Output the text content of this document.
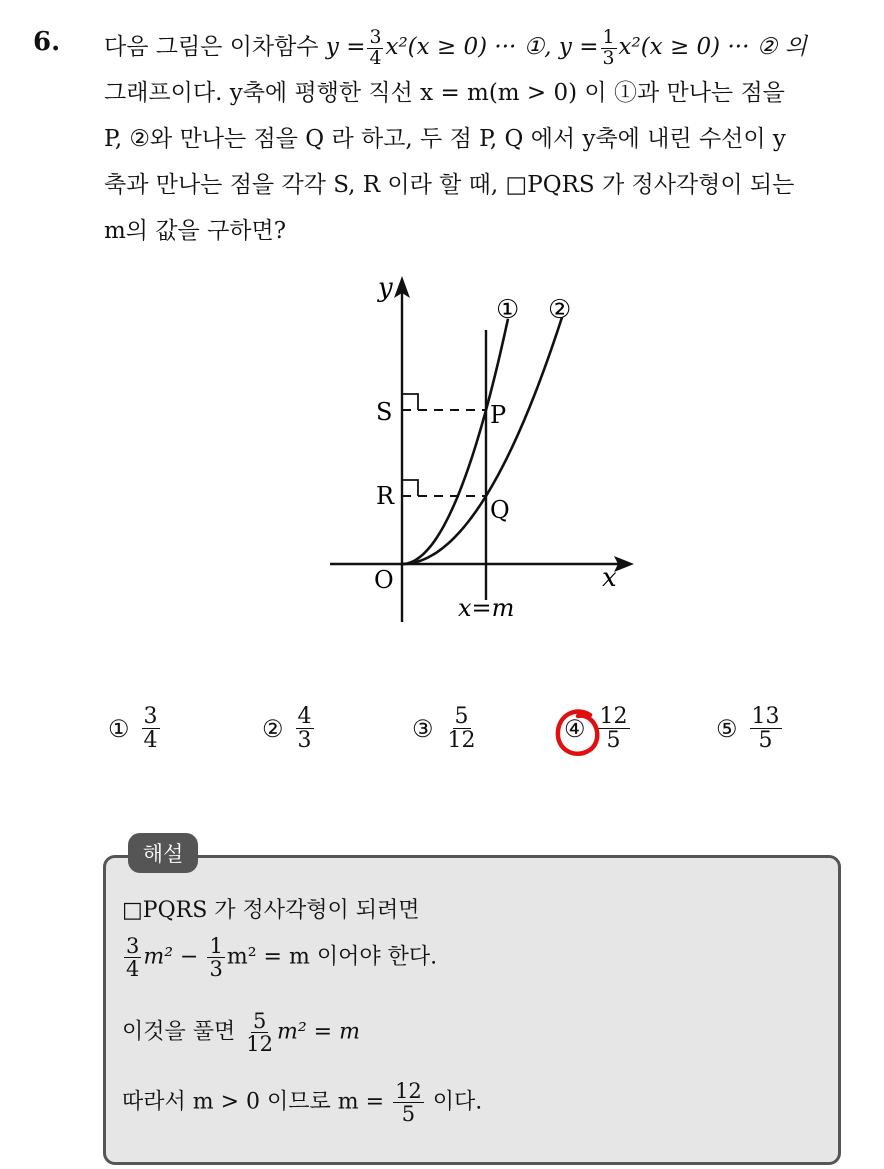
6. 다음 그림은 이차함수 $y = \frac{3}{4} x^2(x \ge 0)$ ··· ①, $y = \frac{1}{3} x^2(x \ge 0)$ ··· ② 의
그래프이다. y축에 평행한 직선 x = m(m > 0) 이 ①과 만나는 점을
P, ②와 만나는 점을 Q 라 하고, 두 점 P, Q 에서 y축에 내린 수선이 y
축과 만나는 점을 각각 S, R 이라 할 때, □PQRS 가 정사각형이 되는
m의 값을 구하면?
y
x
O
① ②
S	P
R	Q
x=m
① $\frac{3}{4}$	② $\frac{4}{3}$	③ $\frac{5}{12}$	④ $\frac{12}{5}$	⑤ $\frac{13}{5}$
해설
□PQRS 가 정사각형이 되려면
$\frac{3}{4} m^2 - \frac{1}{3} m^2 = m$ 이어야 한다.
이것을 풀면 $\frac{5}{12} m^2 = m$
따라서 m > 0 이므로 $m = \frac{12}{5}$ 이다.
